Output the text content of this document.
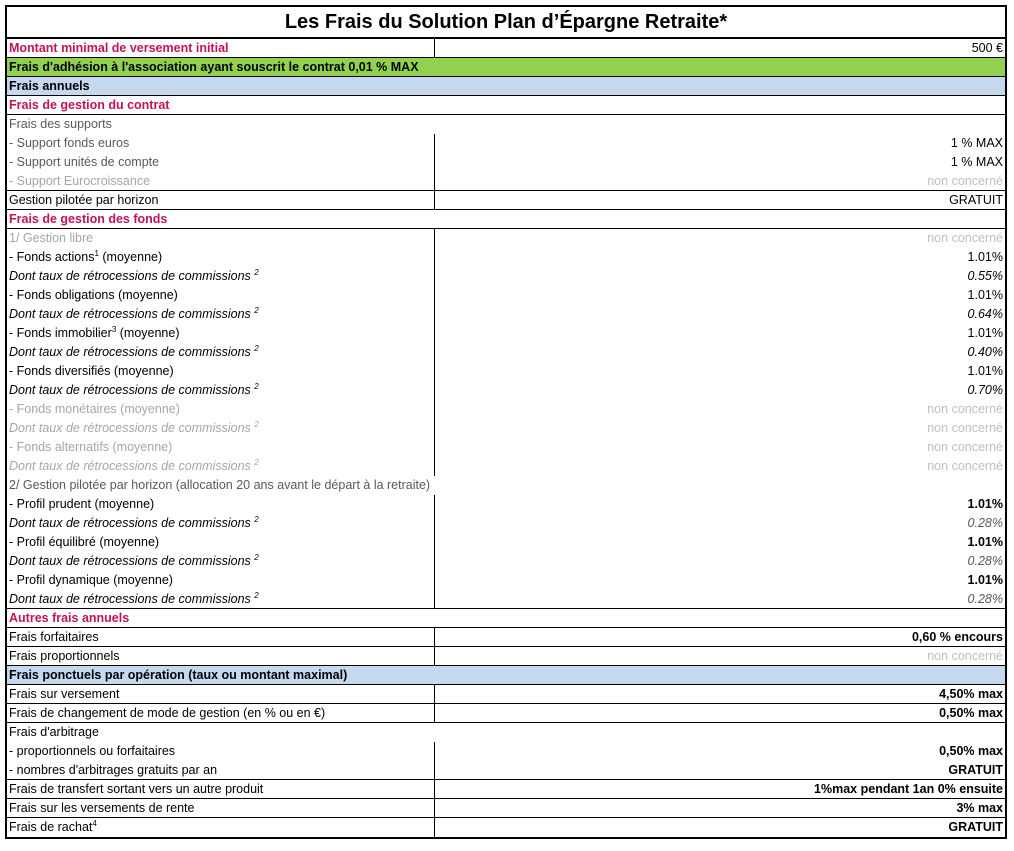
Les Frais du Solution Plan d’Épargne Retraite*
Montant minimal de versement initial	500 €
Frais d'adhésion à l'association ayant souscrit le contrat 0,01 % MAX
Frais annuels
Frais de gestion du contrat
Frais des supports
- Support fonds euros	1 % MAX
- Support unités de compte	1 % MAX
- Support Eurocroissance	non concerné
Gestion pilotée par horizon	GRATUIT
Frais de gestion des fonds
1/ Gestion libre	non concerné
- Fonds actions$^1$ (moyenne)	1.01%
Dont taux de rétrocessions de commissions $^2$	0.55%
- Fonds obligations (moyenne)	1.01%
Dont taux de rétrocessions de commissions $^2$	0.64%
- Fonds immobilier$^3$ (moyenne)	1.01%
Dont taux de rétrocessions de commissions $^2$	0.40%
- Fonds diversifiés (moyenne)	1.01%
Dont taux de rétrocessions de commissions $^2$	0.70%
- Fonds monétaires (moyenne)	non concerné
Dont taux de rétrocessions de commissions $^2$	non concerné
- Fonds alternatifs (moyenne)	non concerné
Dont taux de rétrocessions de commissions $^2$	non concerné
2/ Gestion pilotée par horizon (allocation 20 ans avant le départ à la retraite)
- Profil prudent (moyenne)	1.01%
Dont taux de rétrocessions de commissions $^2$	0.28%
- Profil équilibré (moyenne)	1.01%
Dont taux de rétrocessions de commissions $^2$	0.28%
- Profil dynamique (moyenne)	1.01%
Dont taux de rétrocessions de commissions $^2$	0.28%
Autres frais annuels
Frais forfaitaires	0,60 % encours
Frais proportionnels	non concerné
Frais ponctuels par opération (taux ou montant maximal)
Frais sur versement	4,50% max
Frais de changement de mode de gestion (en % ou en €)	0,50% max
Frais d'arbitrage
- proportionnels ou forfaitaires	0,50% max
- nombres d'arbitrages gratuits par an	GRATUIT
Frais de transfert sortant vers un autre produit	1%max pendant 1an 0% ensuite
Frais sur les versements de rente	3% max
Frais de rachat$^4$	GRATUIT
